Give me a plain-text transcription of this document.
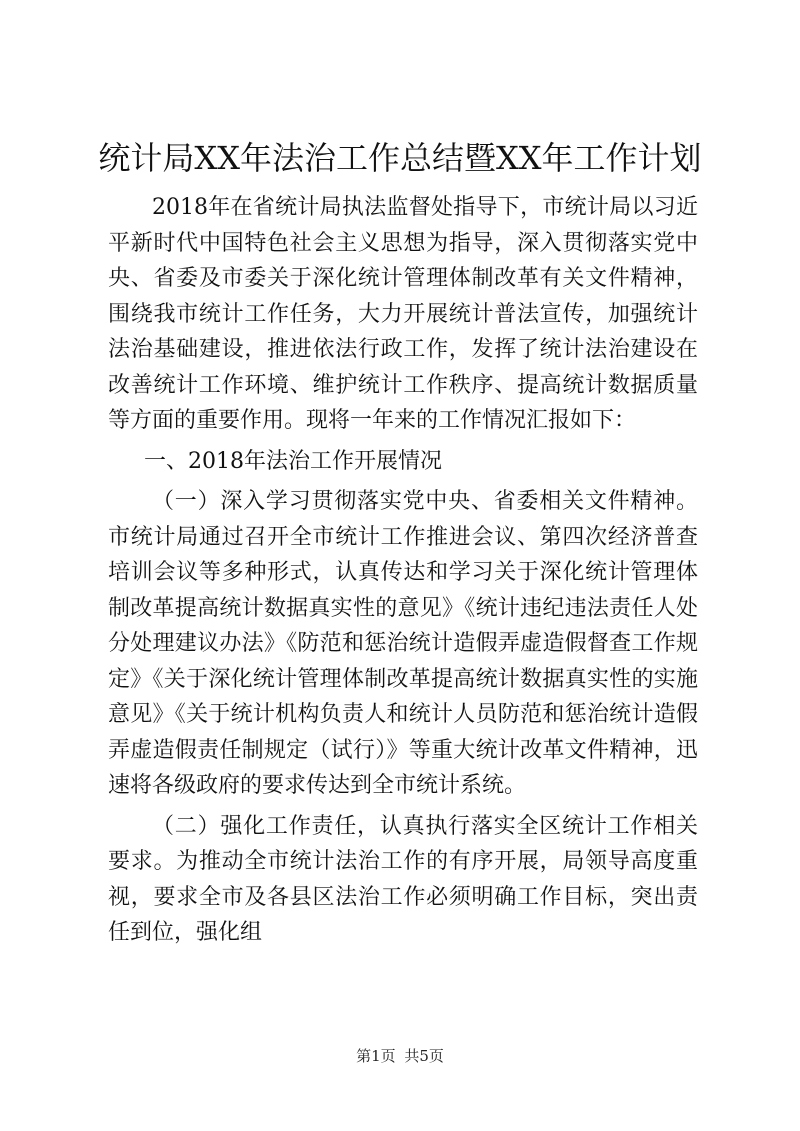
统计局XX年法治工作总结暨XX年工作计划

2018年在省统计局执法监督处指导下，市统计局以习近平新时代中国特色社会主义思想为指导，深入贯彻落实党中央、省委及市委关于深化统计管理体制改革有关文件精神，围绕我市统计工作任务，大力开展统计普法宣传，加强统计法治基础建设，推进依法行政工作，发挥了统计法治建设在改善统计工作环境、维护统计工作秩序、提高统计数据质量等方面的重要作用。现将一年来的工作情况汇报如下：

一、2018年法治工作开展情况

（一）深入学习贯彻落实党中央、省委相关文件精神。市统计局通过召开全市统计工作推进会议、第四次经济普查培训会议等多种形式，认真传达和学习关于深化统计管理体制改革提高统计数据真实性的意见》《统计违纪违法责任人处分处理建议办法》《防范和惩治统计造假弄虚造假督查工作规定》《关于深化统计管理体制改革提高统计数据真实性的实施意见》《关于统计机构负责人和统计人员防范和惩治统计造假弄虚造假责任制规定（试行）》等重大统计改革文件精神，迅速将各级政府的要求传达到全市统计系统。

（二）强化工作责任，认真执行落实全区统计工作相关要求。为推动全市统计法治工作的有序开展，局领导高度重视，要求全市及各县区法治工作必须明确工作目标，突出责任到位，强化组

第1页 共5页
